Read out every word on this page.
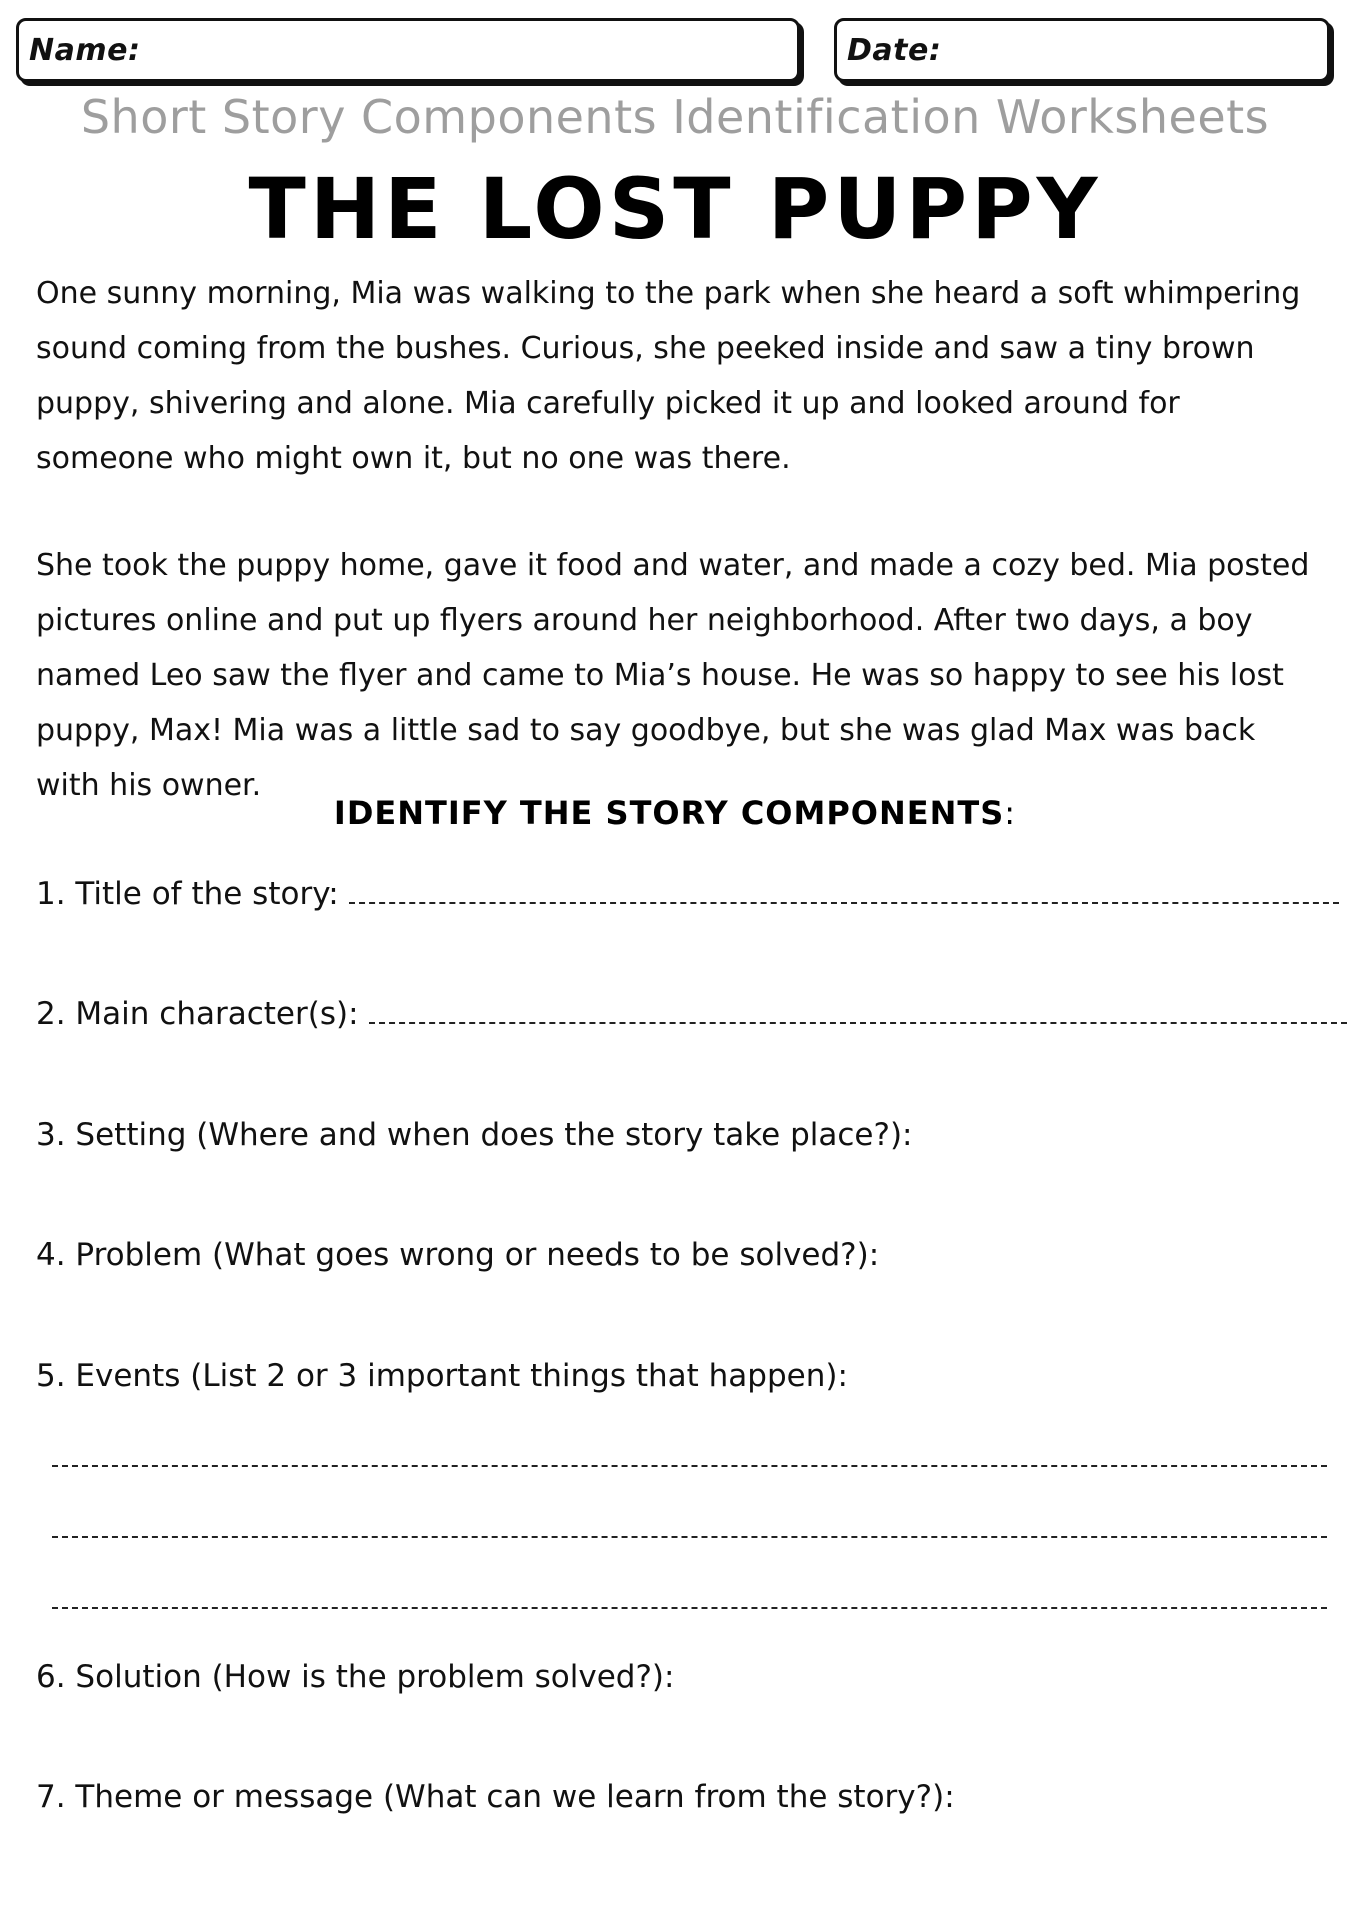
Name:	Date:
Short Story Components Identification Worksheets
THE LOST PUPPY

One sunny morning, Mia was walking to the park when she heard a soft whimpering sound coming from the bushes. Curious, she peeked inside and saw a tiny brown puppy, shivering and alone. Mia carefully picked it up and looked around for someone who might own it, but no one was there.

She took the puppy home, gave it food and water, and made a cozy bed. Mia posted pictures online and put up flyers around her neighborhood. After two days, a boy named Leo saw the flyer and came to Mia’s house. He was so happy to see his lost puppy, Max! Mia was a little sad to say goodbye, but she was glad Max was back with his owner.

IDENTIFY THE STORY COMPONENTS:
1. Title of the story:
2. Main character(s):
3. Setting (Where and when does the story take place?):
4. Problem (What goes wrong or needs to be solved?):
5. Events (List 2 or 3 important things that happen):
6. Solution (How is the problem solved?):
7. Theme or message (What can we learn from the story?):
